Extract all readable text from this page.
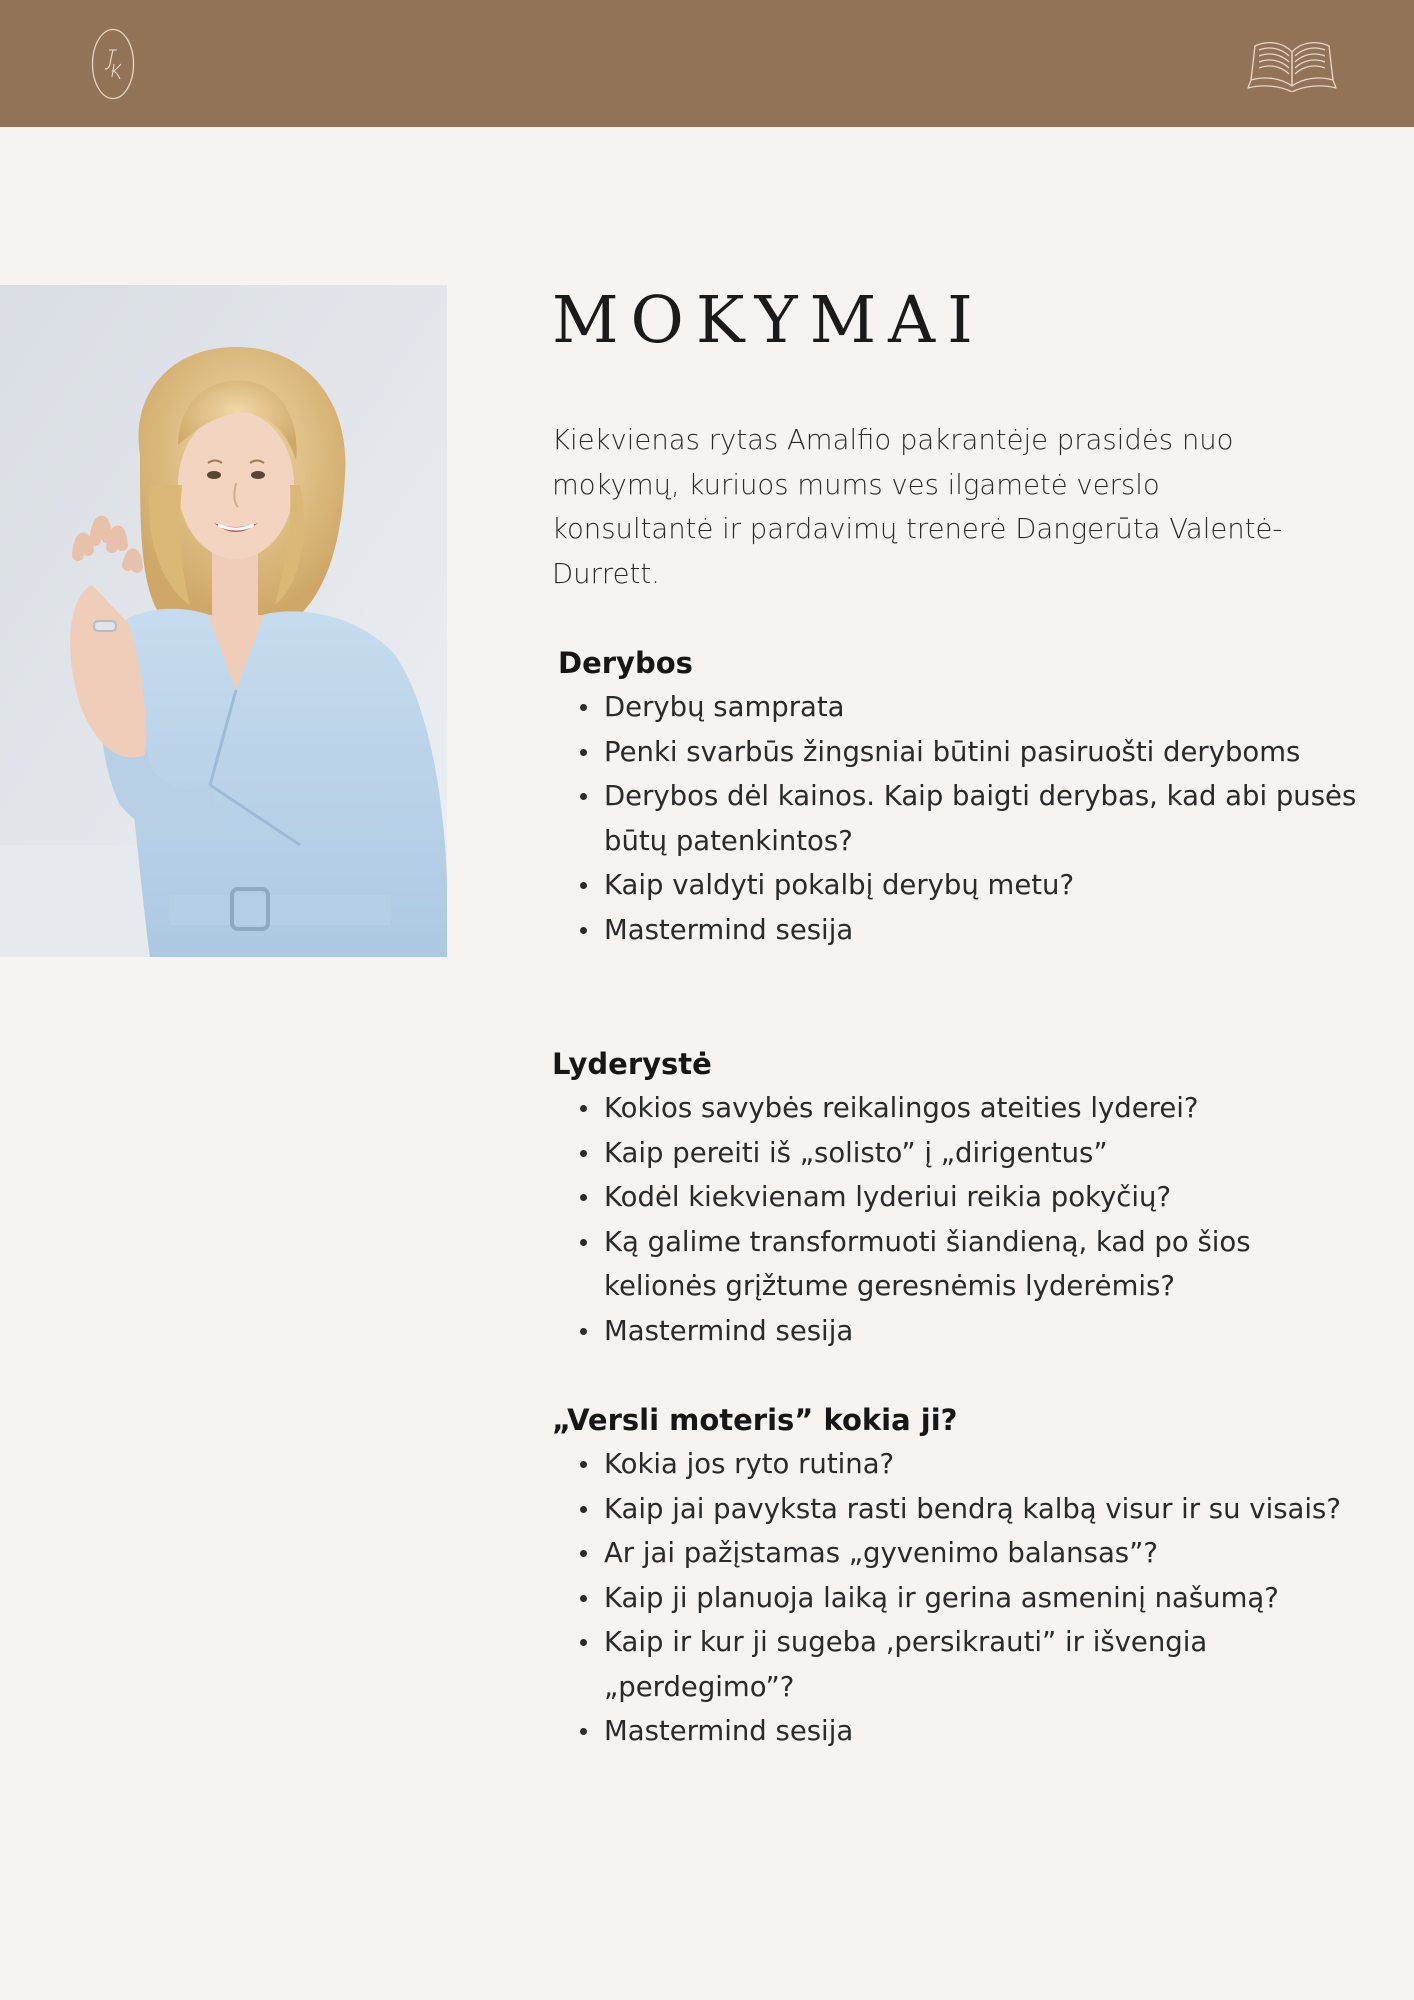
MOKYMAI

Kiekvienas rytas Amalfio pakrantėje prasidės nuo mokymų, kuriuos mums ves ilgametė verslo konsultantė ir pardavimų trenerė Dangerūta Valentė-Durrett.

Derybos
Derybų samprata
Penki svarbūs žingsniai būtini pasiruošti deryboms
Derybos dėl kainos. Kaip baigti derybas, kad abi pusės būtų patenkintos?
Kaip valdyti pokalbį derybų metu?
Mastermind sesija
Lyderystė
Kokios savybės reikalingos ateities lyderei?
Kaip pereiti iš „solisto” į „dirigentus”
Kodėl kiekvienam lyderiui reikia pokyčių?
Ką galime transformuoti šiandieną, kad po šios kelionės grįžtume geresnėmis lyderėmis?
Mastermind sesija
„Versli moteris” kokia ji?
Kokia jos ryto rutina?
Kaip jai pavyksta rasti bendrą kalbą visur ir su visais?
Ar jai pažįstamas „gyvenimo balansas”?
Kaip ji planuoja laiką ir gerina asmeninį našumą?
Kaip ir kur ji sugeba ‚persikrauti” ir išvengia „perdegimo”?
Mastermind sesija
